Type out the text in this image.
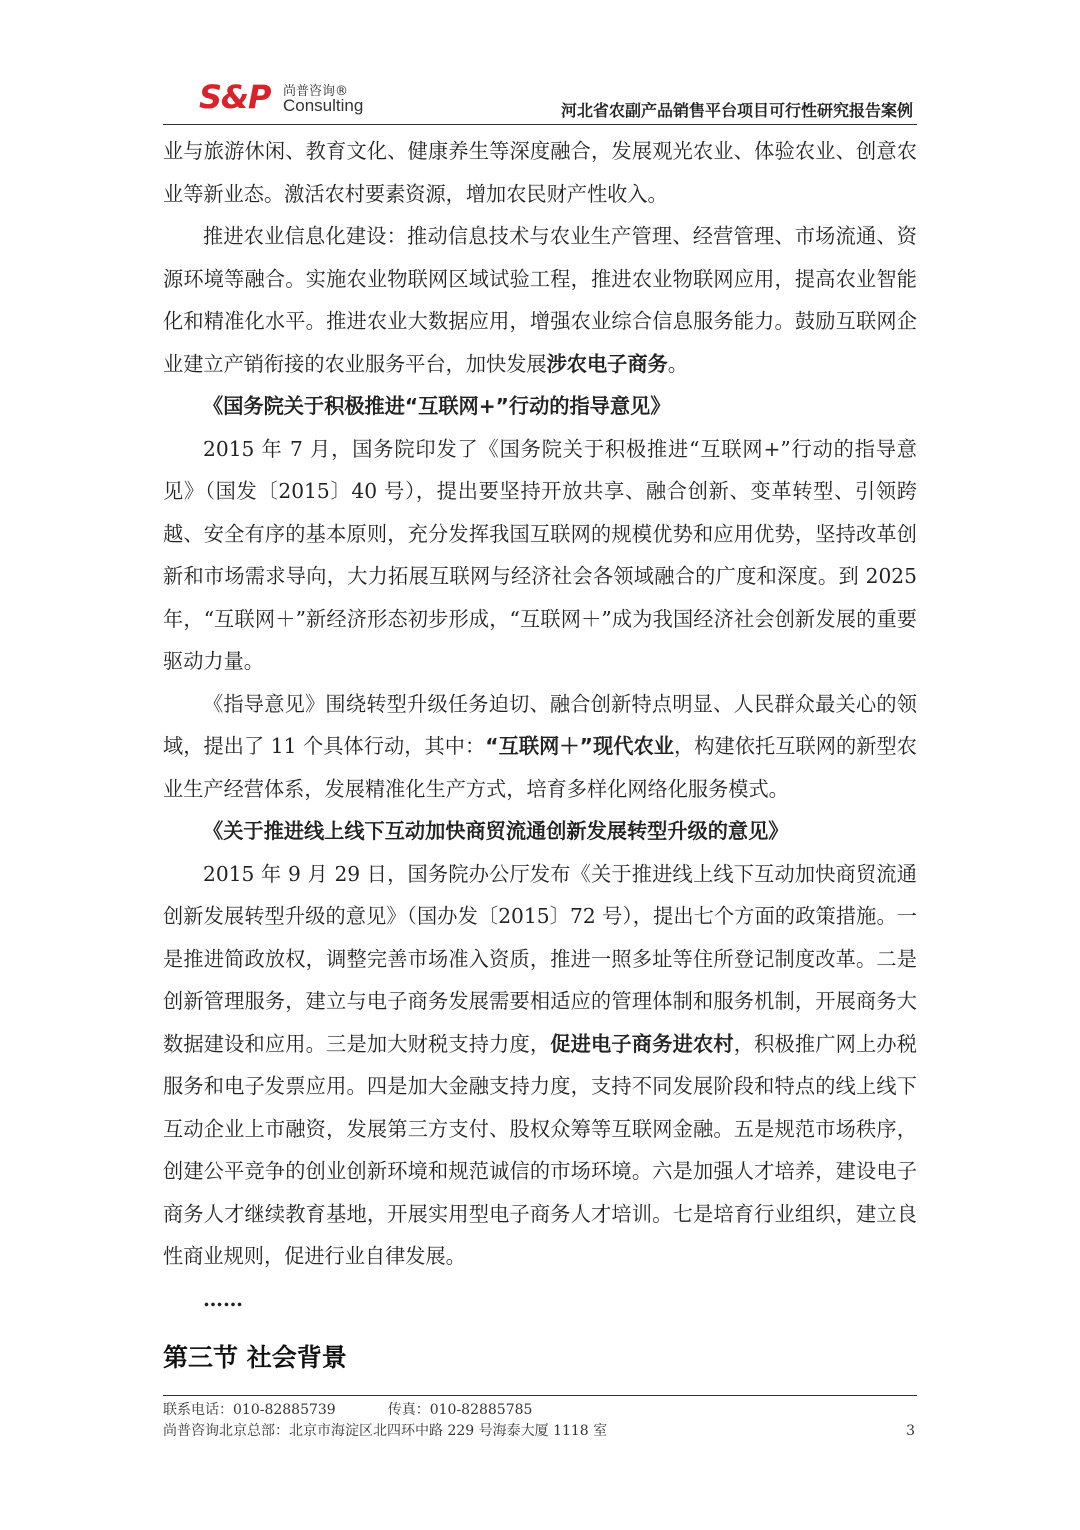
S&P 尚普咨询®
Consulting	河北省农副产品销售平台项目可行性研究报告案例

业与旅游休闲、教育文化、健康养生等深度融合，发展观光农业、体验农业、创意农业等新业态。激活农村要素资源，增加农民财产性收入。

推进农业信息化建设：推动信息技术与农业生产管理、经营管理、市场流通、资源环境等融合。实施农业物联网区域试验工程，推进农业物联网应用，提高农业智能化和精准化水平。推进农业大数据应用，增强农业综合信息服务能力。鼓励互联网企业建立产销衔接的农业服务平台，加快发展涉农电子商务。

《国务院关于积极推进“互联网+”行动的指导意见》

2015 年 7 月，国务院印发了《国务院关于积极推进“互联网+”行动的指导意见》（国发〔2015〕40 号），提出要坚持开放共享、融合创新、变革转型、引领跨越、安全有序的基本原则，充分发挥我国互联网的规模优势和应用优势，坚持改革创新和市场需求导向，大力拓展互联网与经济社会各领域融合的广度和深度。到 2025 年，“互联网＋”新经济形态初步形成，“互联网＋”成为我国经济社会创新发展的重要驱动力量。

《指导意见》围绕转型升级任务迫切、融合创新特点明显、人民群众最关心的领域，提出了 11 个具体行动，其中：“互联网＋”现代农业，构建依托互联网的新型农业生产经营体系，发展精准化生产方式，培育多样化网络化服务模式。

《关于推进线上线下互动加快商贸流通创新发展转型升级的意见》

2015 年 9 月 29 日，国务院办公厅发布《关于推进线上线下互动加快商贸流通创新发展转型升级的意见》（国办发〔2015〕72 号），提出七个方面的政策措施。一是推进简政放权，调整完善市场准入资质，推进一照多址等住所登记制度改革。二是创新管理服务，建立与电子商务发展需要相适应的管理体制和服务机制，开展商务大数据建设和应用。三是加大财税支持力度，促进电子商务进农村，积极推广网上办税服务和电子发票应用。四是加大金融支持力度，支持不同发展阶段和特点的线上线下互动企业上市融资，发展第三方支付、股权众筹等互联网金融。五是规范市场秩序，创建公平竞争的创业创新环境和规范诚信的市场环境。六是加强人才培养，建设电子商务人才继续教育基地，开展实用型电子商务人才培训。七是培育行业组织，建立良性商业规则，促进行业自律发展。

……

第三节 社会背景
联系电话：010-82885739	传真：010-82885785
尚普咨询北京总部：北京市海淀区北四环中路 229 号海泰大厦 1118 室	3
